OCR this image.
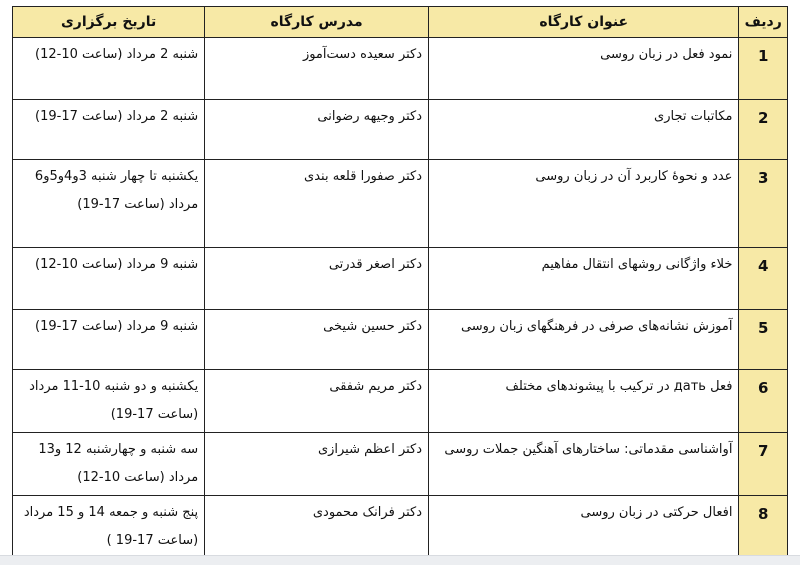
ردیف	عنوان کارگاه	مدرس کارگاه	تاریخ برگزاری
1	نمود فعل در زبان روسی	دکتر سعیده دست‌آموز	شنبه 2 مرداد (ساعت 10-12)
2	مکاتبات تجاری	دکتر وجیهه رضوانی	شنبه 2 مرداد (ساعت 17-19)
3	عدد و نحوهٔ کاربرد آن در زبان روسی	دکتر صفورا قلعه بندی	یکشنبه تا چهار شنبه 3و4و5و6 مرداد (ساعت 17-19)
4	خلاء واژگانی روشهای انتقال مفاهیم	دکتر اصغر قدرتی	شنبه 9 مرداد (ساعت 10-12)
5	آموزش نشانه‌های صرفی در فرهنگهای زبان روسی	دکتر حسین شیخی	شنبه 9 مرداد (ساعت 17-19)
6	فعل дать در ترکیب با پیشوندهای مختلف	دکتر مریم شفقی	یکشنبه و دو شنبه 10-11 مرداد (ساعت 17-19)
7	آواشناسی مقدماتی: ساختارهای آهنگین جملات روسی	دکتر اعظم شیرازی	سه شنبه و چهارشنبه 12 و13 مرداد (ساعت 10-12)
8	افعال حرکتی در زبان روسی	دکتر فرانک محمودی	پنج شنبه و جمعه 14 و 15 مرداد (ساعت 17-19 )
